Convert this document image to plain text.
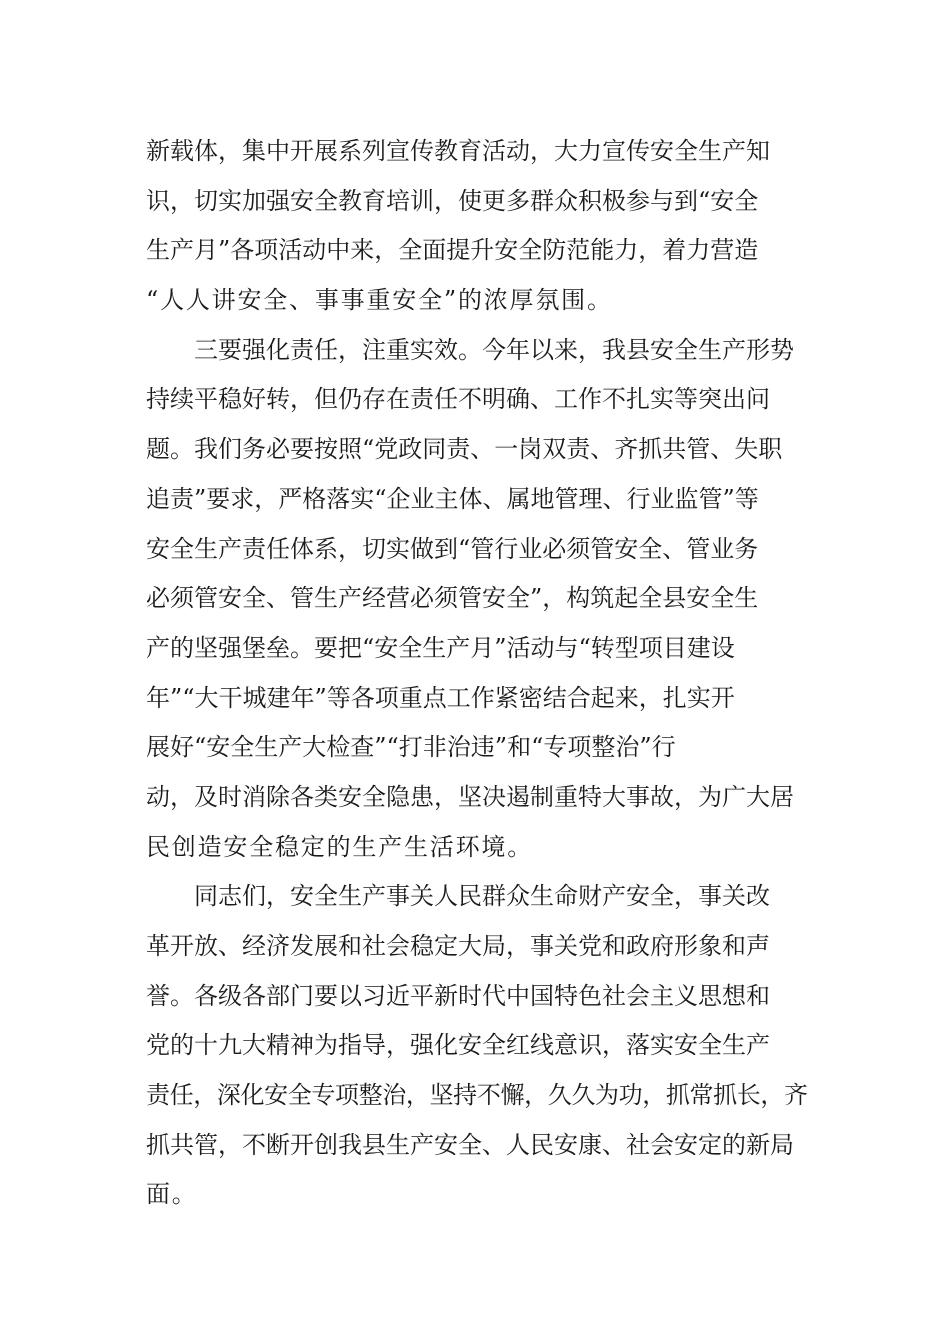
新载体，集中开展系列宣传教育活动，大力宣传安全生产知
识，切实加强安全教育培训，使更多群众积极参与到“安全
生产月”各项活动中来，全面提升安全防范能力，着力营造
“人人讲安全、事事重安全”的浓厚氛围。
三要强化责任，注重实效。今年以来，我县安全生产形势
持续平稳好转，但仍存在责任不明确、工作不扎实等突出问
题。我们务必要按照“党政同责、一岗双责、齐抓共管、失职
追责”要求，严格落实“企业主体、属地管理、行业监管”等
安全生产责任体系，切实做到“管行业必须管安全、管业务
必须管安全、管生产经营必须管安全”，构筑起全县安全生
产的坚强堡垒。要把“安全生产月”活动与“转型项目建设
年”“大干城建年”等各项重点工作紧密结合起来，扎实开
展好“安全生产大检查”“打非治违”和“专项整治”行
动，及时消除各类安全隐患，坚决遏制重特大事故，为广大居
民创造安全稳定的生产生活环境。
同志们，安全生产事关人民群众生命财产安全，事关改
革开放、经济发展和社会稳定大局，事关党和政府形象和声
誉。各级各部门要以习近平新时代中国特色社会主义思想和
党的十九大精神为指导，强化安全红线意识，落实安全生产
责任，深化安全专项整治，坚持不懈，久久为功，抓常抓长，齐
抓共管，不断开创我县生产安全、人民安康、社会安定的新局
面。
